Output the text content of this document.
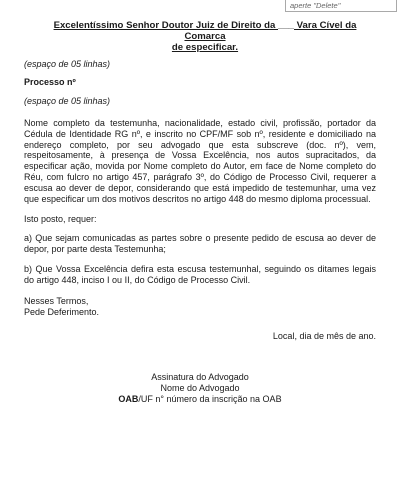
aperte "Delete"

Excelentíssimo Senhor Doutor Juiz de Direito da ___ Vara Cível da Comarca
de especificar.

(espaço de 05 linhas)

Processo nº

(espaço de 05 linhas)

Nome completo da testemunha, nacionalidade, estado civil, profissão, portador da Cédula de Identidade RG nº, e inscrito no CPF/MF sob nº, residente e domiciliado na endereço completo, por seu advogado que esta subscreve (doc. nº), vem, respeitosamente, à presença de Vossa Excelência, nos autos supracitados, da especificar ação, movida por Nome completo do Autor, em face de Nome completo do Réu, com fulcro no artigo 457, parágrafo 3º, do Código de Processo Civil, requerer a escusa ao dever de depor, considerando que está impedido de testemunhar, uma vez que especificar um dos motivos descritos no artigo 448 do mesmo diploma processual.

Isto posto, requer:

a) Que sejam comunicadas as partes sobre o presente pedido de escusa ao dever de depor, por parte desta Testemunha;

b) Que Vossa Excelência defira esta escusa testemunhal, seguindo os ditames legais do artigo 448, inciso I ou II, do Código de Processo Civil.

Nesses Termos,

Pede Deferimento.

Local, dia de mês de ano.

Assinatura do Advogado
Nome do Advogado
OAB/UF n° número da inscrição na OAB
